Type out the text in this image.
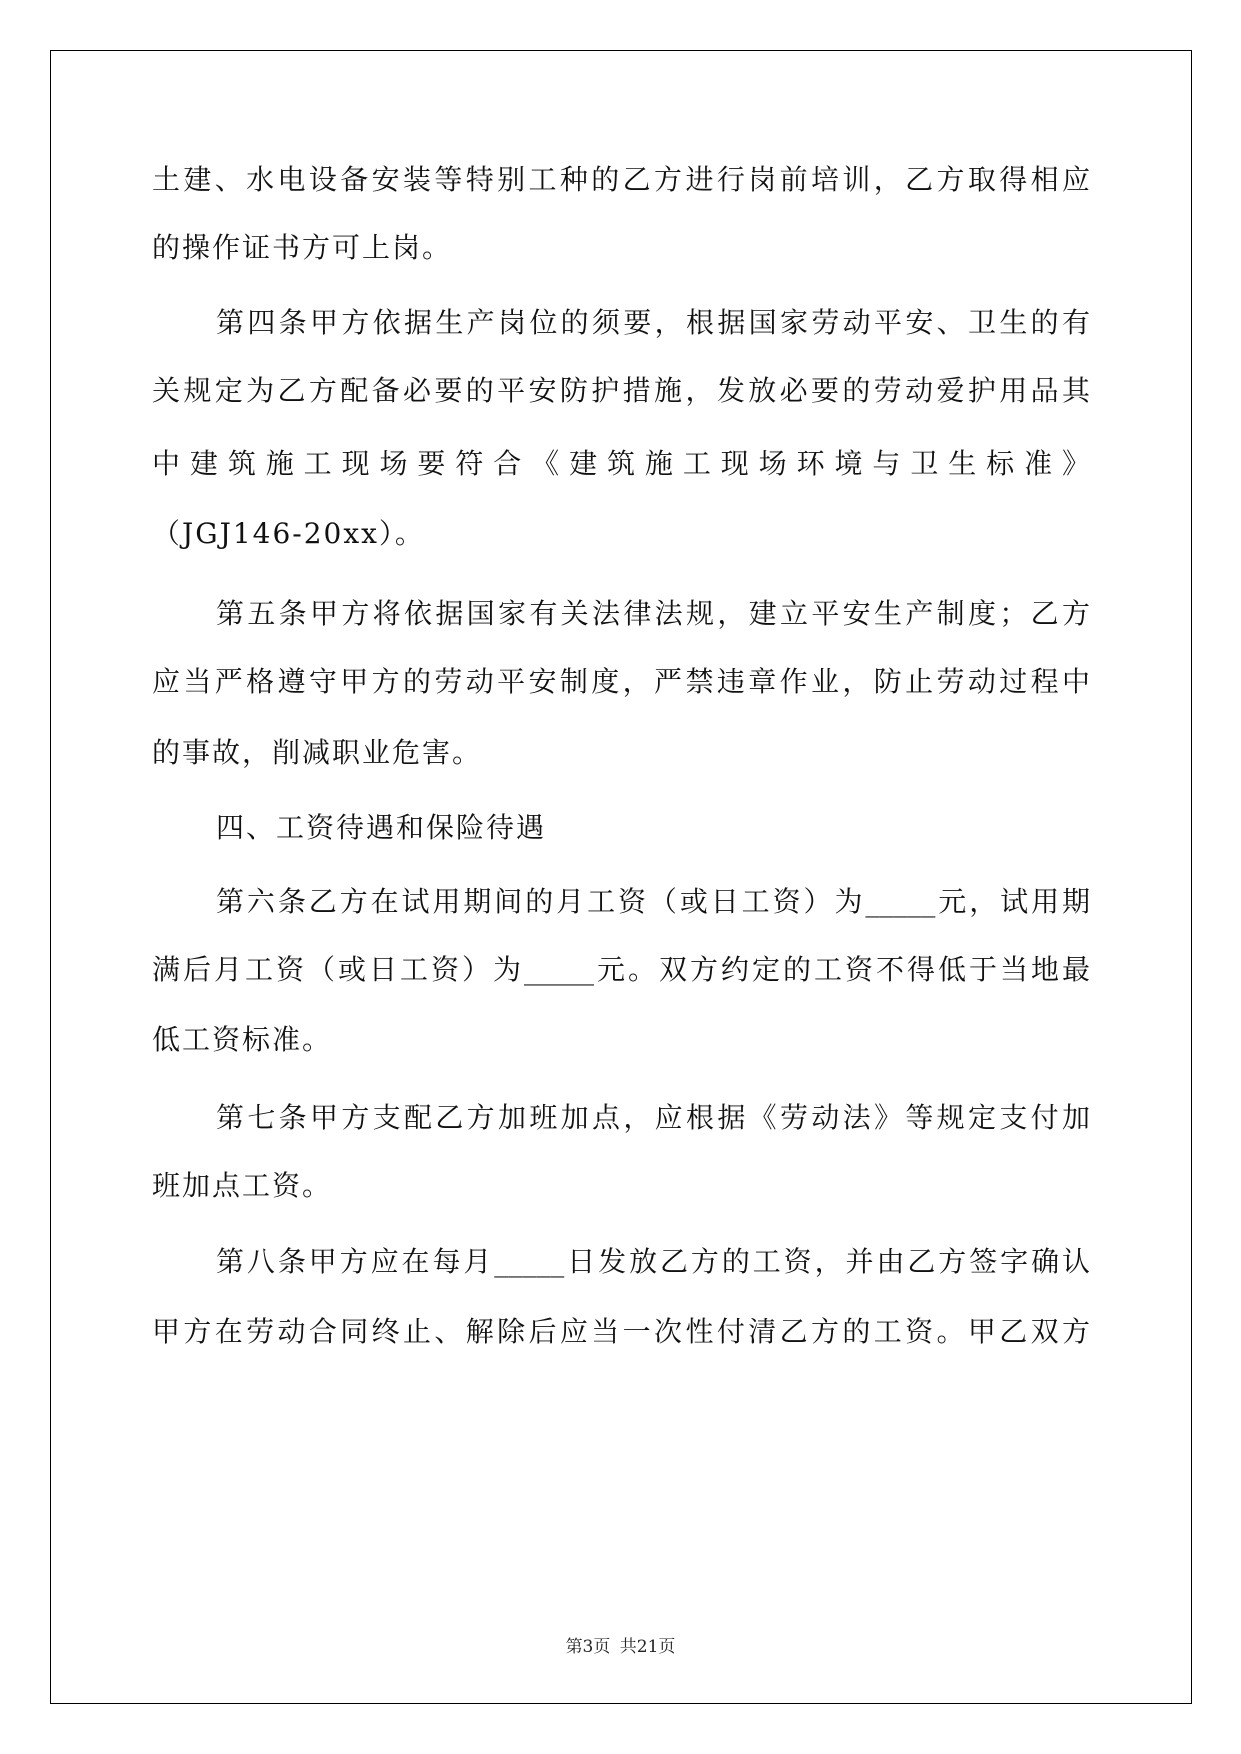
土建、水电设备安装等特别工种的乙方进行岗前培训，乙方取得相应
的操作证书方可上岗。
第四条甲方依据生产岗位的须要，根据国家劳动平安、卫生的有
关规定为乙方配备必要的平安防护措施，发放必要的劳动爱护用品其
中建筑施工现场要符合《建筑施工现场环境与卫生标准》
（JGJ146-20xx）。
第五条甲方将依据国家有关法律法规，建立平安生产制度；乙方
应当严格遵守甲方的劳动平安制度，严禁违章作业，防止劳动过程中
的事故，削减职业危害。
四、工资待遇和保险待遇
第六条乙方在试用期间的月工资（或日工资）为_____元，试用期
满后月工资（或日工资）为_____元。双方约定的工资不得低于当地最
低工资标准。
第七条甲方支配乙方加班加点，应根据《劳动法》等规定支付加
班加点工资。
第八条甲方应在每月_____日发放乙方的工资，并由乙方签字确认
甲方在劳动合同终止、解除后应当一次性付清乙方的工资。甲乙双方
第3页 共21页
